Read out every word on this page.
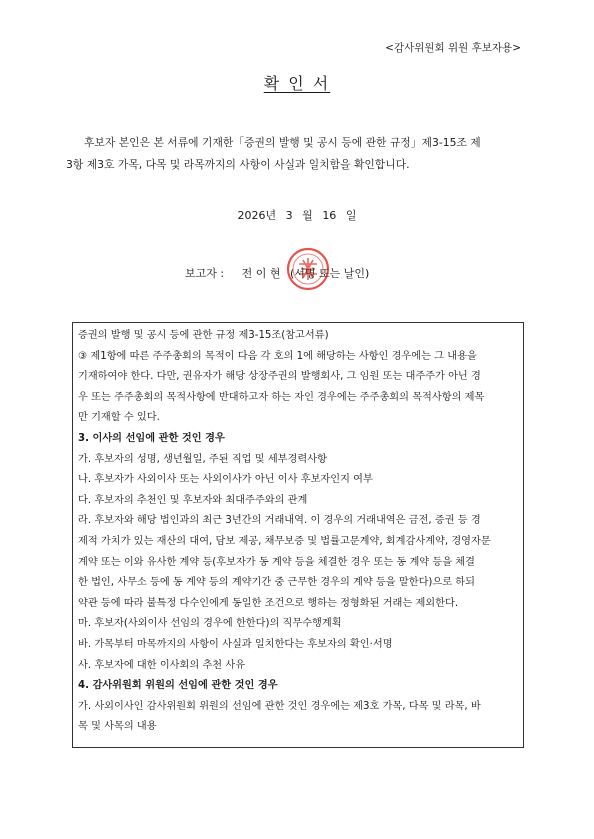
<감사위원회 위원 후보자용>
확 인 서
후보자 본인은 본 서류에 기재한「증권의 발행 및 공시 등에 관한 규정」제3-15조 제
3항 제3호 가목, 다목 및 라목까지의 사항이 사실과 일치함을 확인합니다.
2026년 3 월 16 일
보고자 : 전 이 현 (서명 또는 날인)

증권의 발행 및 공시 등에 관한 규정 제3-15조(참고서류)

③ 제1항에 따른 주주총회의 목적이 다음 각 호의 1에 해당하는 사항인 경우에는 그 내용을

기재하여야 한다. 다만, 권유자가 해당 상장주권의 발행회사, 그 임원 또는 대주주가 아닌 경

우 또는 주주총회의 목적사항에 반대하고자 하는 자인 경우에는 주주총회의 목적사항의 제목

만 기재할 수 있다.

3. 이사의 선임에 관한 것인 경우

가. 후보자의 성명, 생년월일, 주된 직업 및 세부경력사항

나. 후보자가 사외이사 또는 사외이사가 아닌 이사 후보자인지 여부

다. 후보자의 추천인 및 후보자와 최대주주와의 관계

라. 후보자와 해당 법인과의 최근 3년간의 거래내역. 이 경우의 거래내역은 금전, 증권 등 경

제적 가치가 있는 재산의 대여, 담보 제공, 채무보증 및 법률고문계약, 회계감사계약, 경영자문

계약 또는 이와 유사한 계약 등(후보자가 동 계약 등을 체결한 경우 또는 동 계약 등을 체결

한 법인, 사무소 등에 동 계약 등의 계약기간 중 근무한 경우의 계약 등을 말한다)으로 하되

약관 등에 따라 불특정 다수인에게 동일한 조건으로 행하는 정형화된 거래는 제외한다.

마. 후보자(사외이사 선임의 경우에 한한다)의 직무수행계획

바. 가목부터 마목까지의 사항이 사실과 일치한다는 후보자의 확인·서명

사. 후보자에 대한 이사회의 추천 사유

4. 감사위원회 위원의 선임에 관한 것인 경우

가. 사외이사인 감사위원회 위원의 선임에 관한 것인 경우에는 제3호 가목, 다목 및 라목, 바

목 및 사목의 내용
